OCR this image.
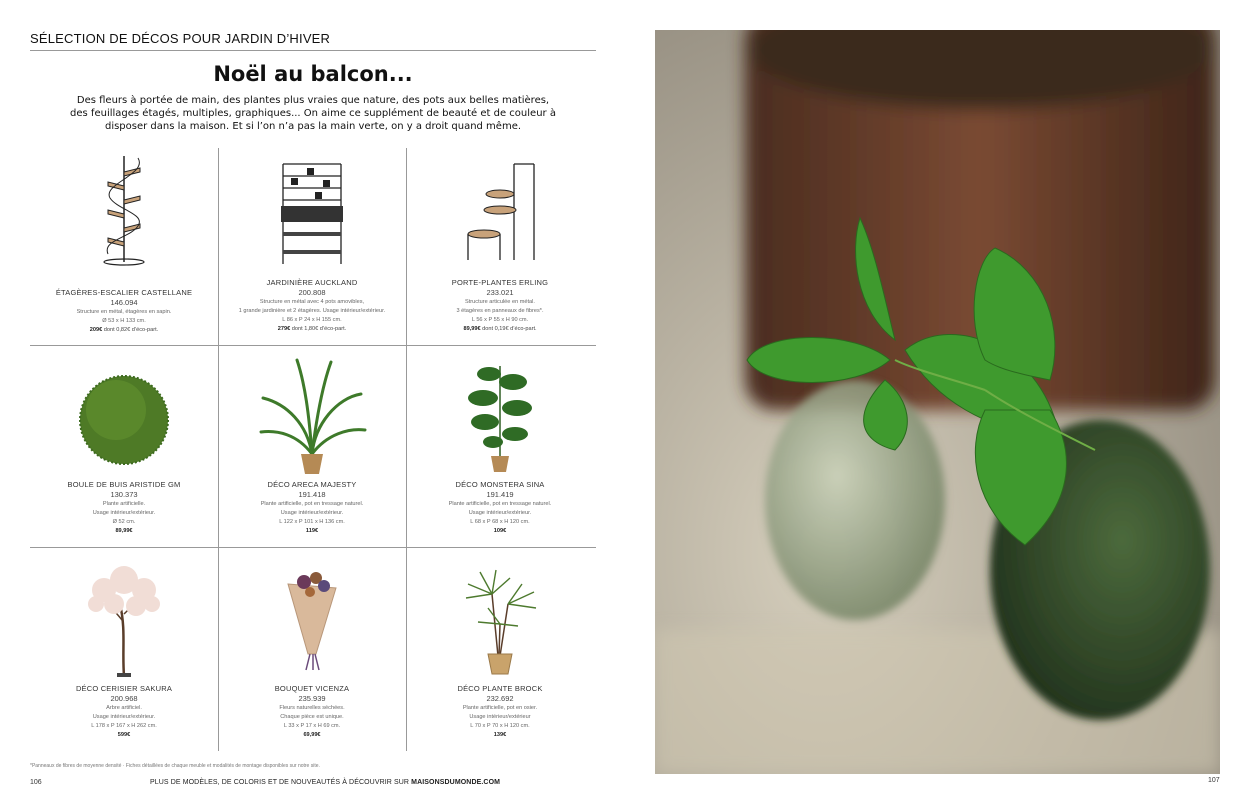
SÉLECTION DE DÉCOS POUR JARDIN D’HIVER
Noël au balcon...
Des fleurs à portée de main, des plantes plus vraies que nature, des pots aux belles matières, des feuillages étagés, multiples, graphiques... On aime ce supplément de beauté et de couleur à disposer dans la maison. Et si l’on n’a pas la main verte, on y a droit quand même.
ÉTAGÈRES-ESCALIER CASTELLANE
146.094
Structure en métal, étagères en sapin.
Ø 53 x H 133 cm.
209€ dont 0,82€ d’éco-part.
JARDINIÈRE AUCKLAND
200.808
Structure en métal avec 4 pots amovibles,
1 grande jardinière et 2 étagères. Usage intérieur/extérieur.
L 86 x P 24 x H 155 cm.
279€ dont 1,80€ d’éco-part.
PORTE-PLANTES ERLING
233.021
Structure articulée en métal.
3 étagères en panneaux de fibres*.
L 56 x P 55 x H 90 cm.
89,99€ dont 0,19€ d’éco-part.
BOULE DE BUIS ARISTIDE GM
130.373
Plante artificielle.
Usage intérieur/extérieur.
Ø 52 cm.
89,99€
DÉCO ARECA MAJESTY
191.418
Plante artificielle, pot en tressage naturel.
Usage intérieur/extérieur.
L 122 x P 101 x H 136 cm.
119€
DÉCO MONSTERA SINA
191.419
Plante artificielle, pot en tressage naturel.
Usage intérieur/extérieur.
L 68 x P 68 x H 120 cm.
109€
DÉCO CERISIER SAKURA
200.968
Arbre artificiel.
Usage intérieur/extérieur.
L 178 x P 167 x H 262 cm.
599€
BOUQUET VICENZA
235.939
Fleurs naturelles séchées.
Chaque pièce est unique.
L 33 x P 17 x H 69 cm.
69,99€
DÉCO PLANTE BROCK
232.692
Plante artificielle, pot en osier.
Usage intérieur/extérieur
L 70 x P 70 x H 120 cm.
139€
*Panneaux de fibres de moyenne densité · Fiches détaillées de chaque meuble et modalités de montage disponibles sur notre site.
106	PLUS DE MODÈLES, DE COLORIS ET DE NOUVEAUTÉS À DÉCOUVRIR SUR MAISONSDUMONDE.COM	107
